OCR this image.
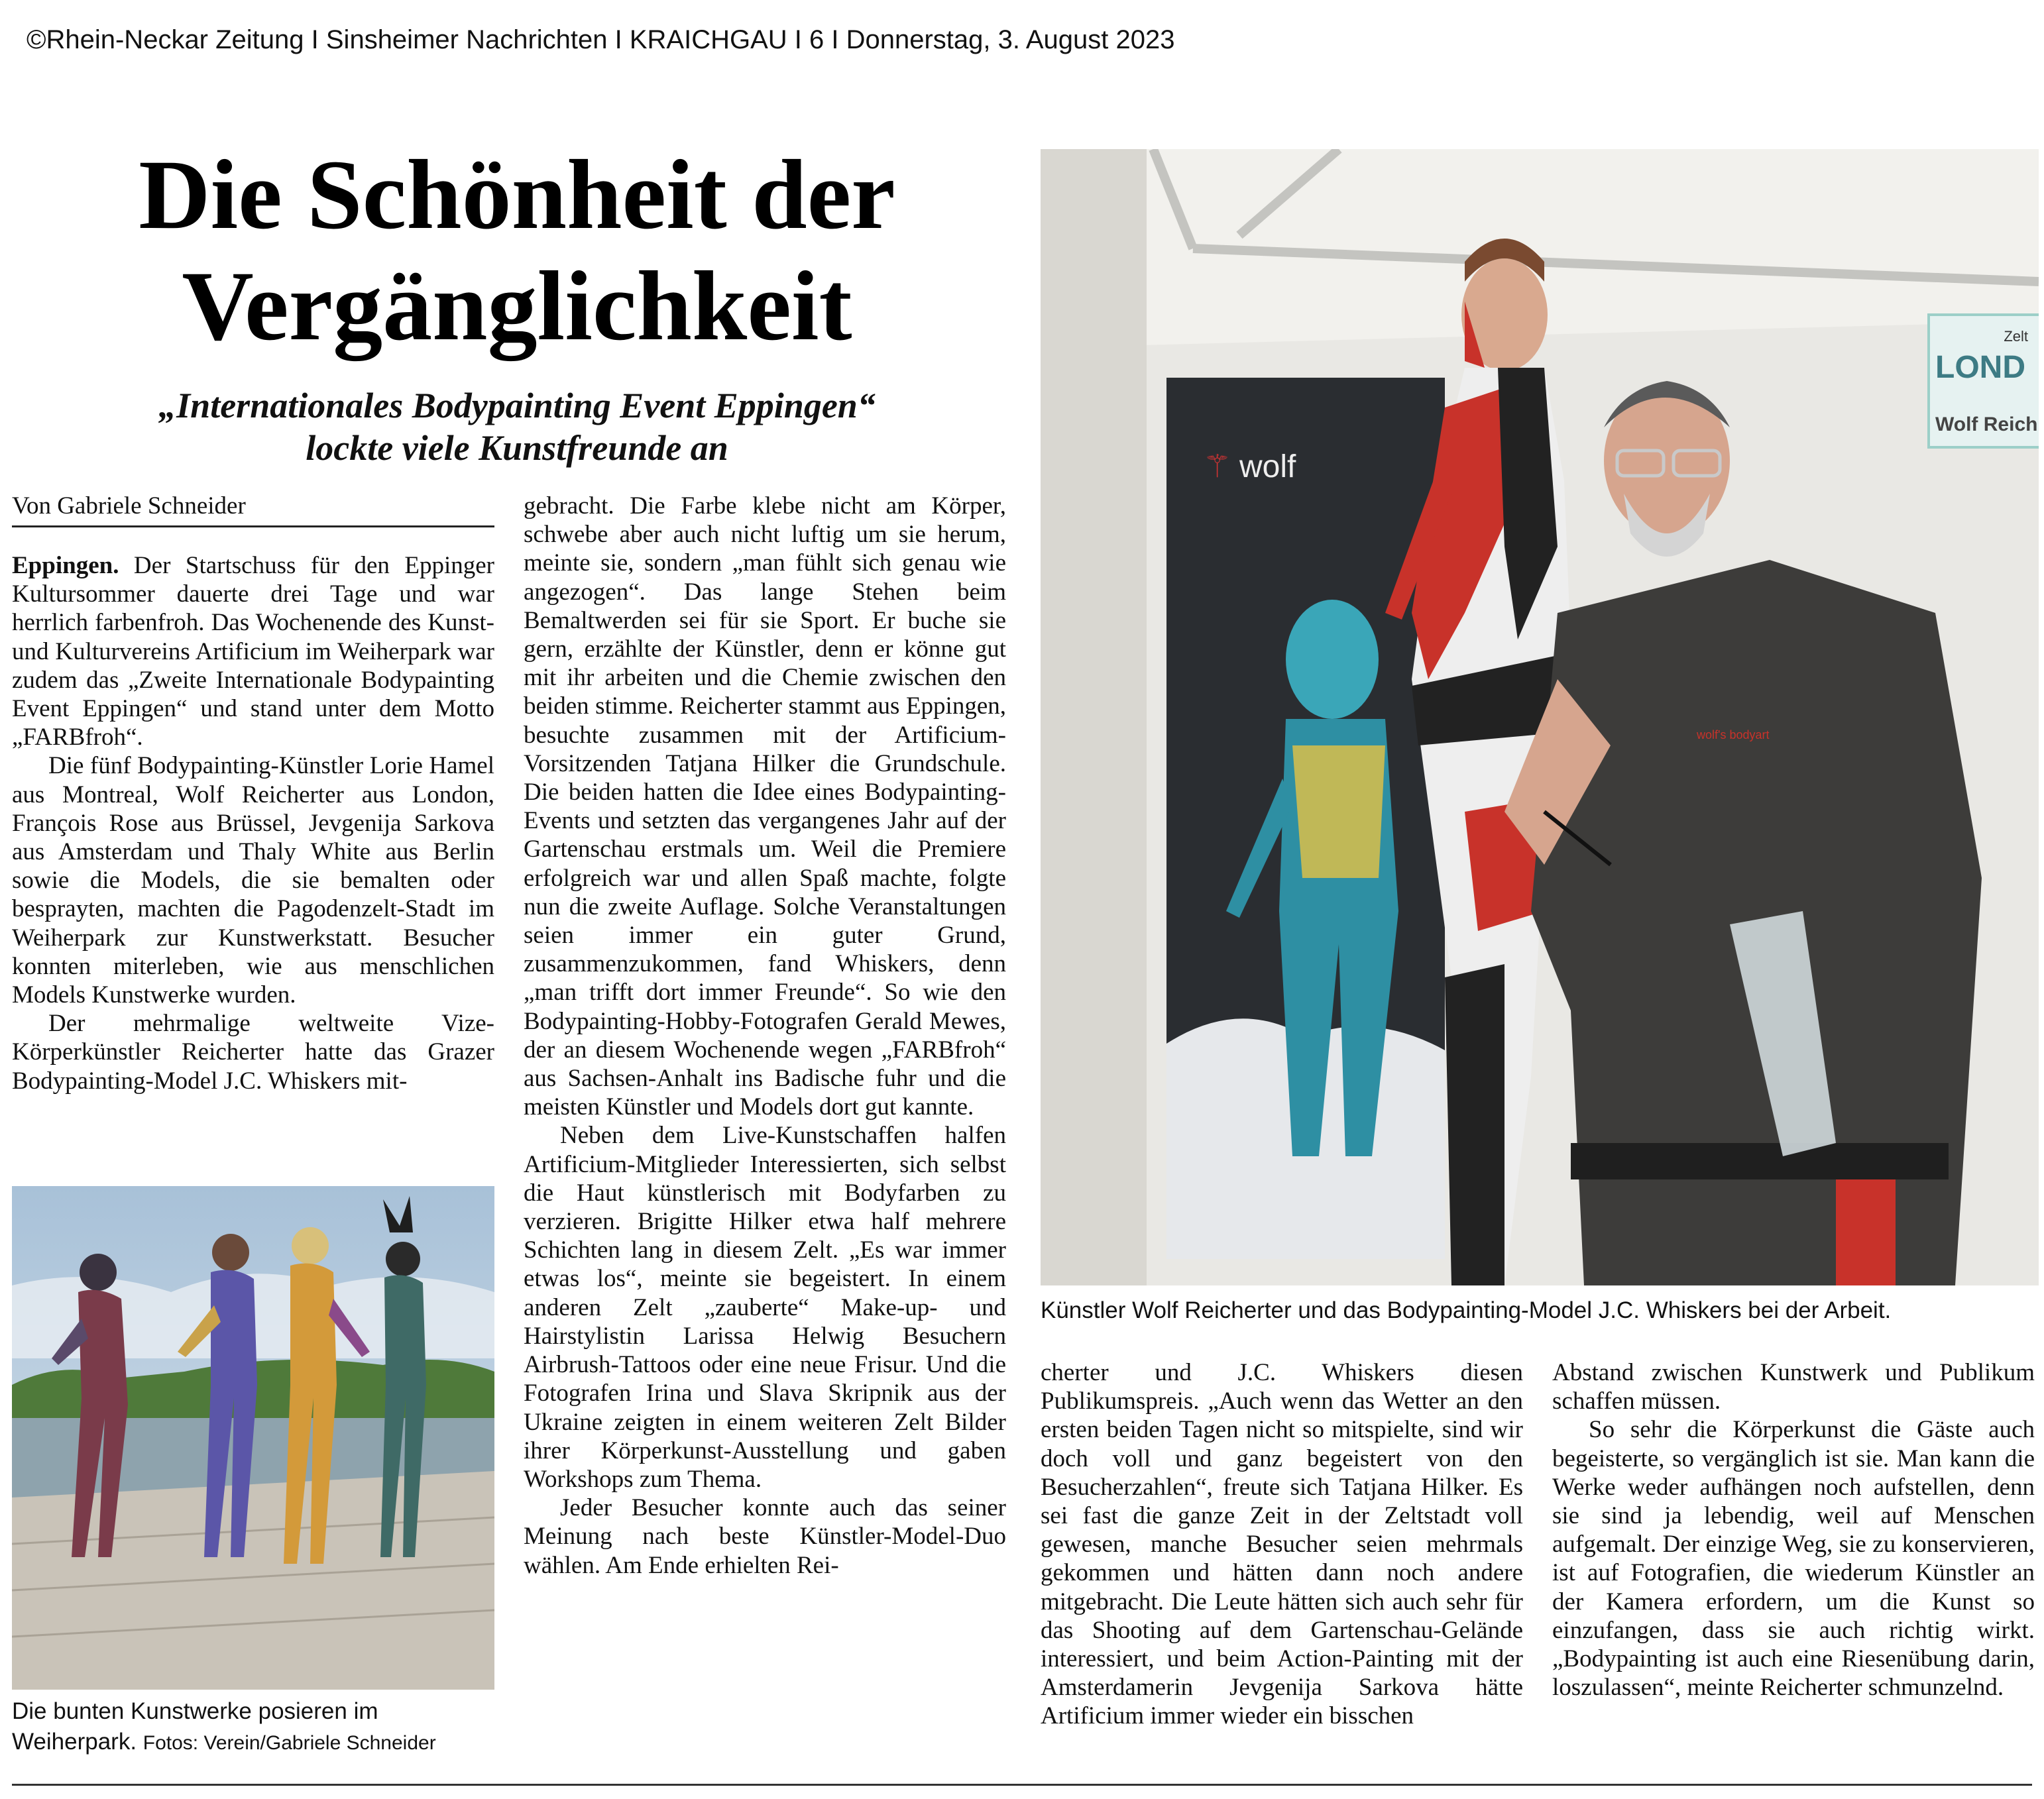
©Rhein-Neckar Zeitung I Sinsheimer Nachrichten I KRAICHGAU I 6 I Donnerstag, 3. August 2023
Die Schönheit der
Vergänglichkeit
„Internationales Bodypainting Event Eppingen“
lockte viele Kunstfreunde an
Von Gabriele Schneider

Eppingen. Der Startschuss für den Eppinger Kultursommer dauerte drei Tage und war herrlich farbenfroh. Das Wochenende des Kunst- und Kulturvereins Artificium im Weiherpark war zudem das „Zweite Internationale Bodypainting Event Eppingen“ und stand unter dem Motto „FARBfroh“.

Die fünf Bodypainting-Künstler Lorie Hamel aus Montreal, Wolf Reicherter aus London, François Rose aus Brüssel, Jevgenija Sarkova aus Amsterdam und Thaly White aus Berlin sowie die Models, die sie bemalten oder besprayten, machten die Pagodenzelt-Stadt im Weiherpark zur Kunstwerkstatt. Besucher konnten miterleben, wie aus menschlichen Models Kunstwerke wurden.

Der mehrmalige weltweite Vize-Körperkünstler Reicherter hatte das Grazer Bodypainting-Model J.C. Whiskers mit-

Die bunten Kunstwerke posieren im Weiherpark. Fotos: Verein/Gabriele Schneider

gebracht. Die Farbe klebe nicht am Körper, schwebe aber auch nicht luftig um sie herum, meinte sie, sondern „man fühlt sich genau wie angezogen“. Das lange Stehen beim Bemaltwerden sei für sie Sport. Er buche sie gern, erzählte der Künstler, denn er könne gut mit ihr arbeiten und die Chemie zwischen den beiden stimme. Reicherter stammt aus Eppingen, besuchte zusammen mit der Artificium-Vorsitzenden Tatjana Hilker die Grundschule. Die beiden hatten die Idee eines Bodypainting-Events und setzten das vergangenes Jahr auf der Gartenschau erstmals um. Weil die Premiere erfolgreich war und allen Spaß machte, folgte nun die zweite Auflage. Solche Veranstaltungen seien immer ein guter Grund, zusammenzukommen, fand Whiskers, denn „man trifft dort immer Freunde“. So wie den Bodypainting-Hobby-Fotografen Gerald Mewes, der an diesem Wochenende wegen „FARBfroh“ aus Sachsen-Anhalt ins Badische fuhr und die meisten Künstler und Models dort gut kannte.

Neben dem Live-Kunstschaffen halfen Artificium-Mitglieder Interessierten, sich selbst die Haut künstlerisch mit Bodyfarben zu verzieren. Brigitte Hilker etwa half mehrere Schichten lang in diesem Zelt. „Es war immer etwas los“, meinte sie begeistert. In einem anderen Zelt „zauberte“ Make-up- und Hairstylistin Larissa Helwig Besuchern Airbrush-Tattoos oder eine neue Frisur. Und die Fotografen Irina und Slava Skripnik aus der Ukraine zeigten in einem weiteren Zelt Bilder ihrer Körperkunst-Ausstellung und gaben Workshops zum Thema.

Jeder Besucher konnte auch das seiner Meinung nach beste Künstler-Model-Duo wählen. Am Ende erhielten Rei-

Zelt
LOND
Wolf Reich
⚚ wolf
wolf's bodyart
Künstler Wolf Reicherter und das Bodypainting-Model J.C. Whiskers bei der Arbeit.

cherter und J.C. Whiskers diesen Publikumspreis. „Auch wenn das Wetter an den ersten beiden Tagen nicht so mitspielte, sind wir doch voll und ganz begeistert von den Besucherzahlen“, freute sich Tatjana Hilker. Es sei fast die ganze Zeit in der Zeltstadt voll gewesen, manche Besucher seien mehrmals gekommen und hätten dann noch andere mitgebracht. Die Leute hätten sich auch sehr für das Shooting auf dem Gartenschau-Gelände interessiert, und beim Action-Painting mit der Amsterdamerin Jevgenija Sarkova hätte Artificium immer wieder ein bisschen

Abstand zwischen Kunstwerk und Publikum schaffen müssen.

So sehr die Körperkunst die Gäste auch begeisterte, so vergänglich ist sie. Man kann die Werke weder aufhängen noch aufstellen, denn sie sind ja lebendig, weil auf Menschen aufgemalt. Der einzige Weg, sie zu konservieren, ist auf Fotografien, die wiederum Künstler an der Kamera erfordern, um die Kunst so einzufangen, dass sie auch richtig wirkt. „Bodypainting ist auch eine Riesenübung darin, loszulassen“, meinte Reicherter schmunzelnd.
